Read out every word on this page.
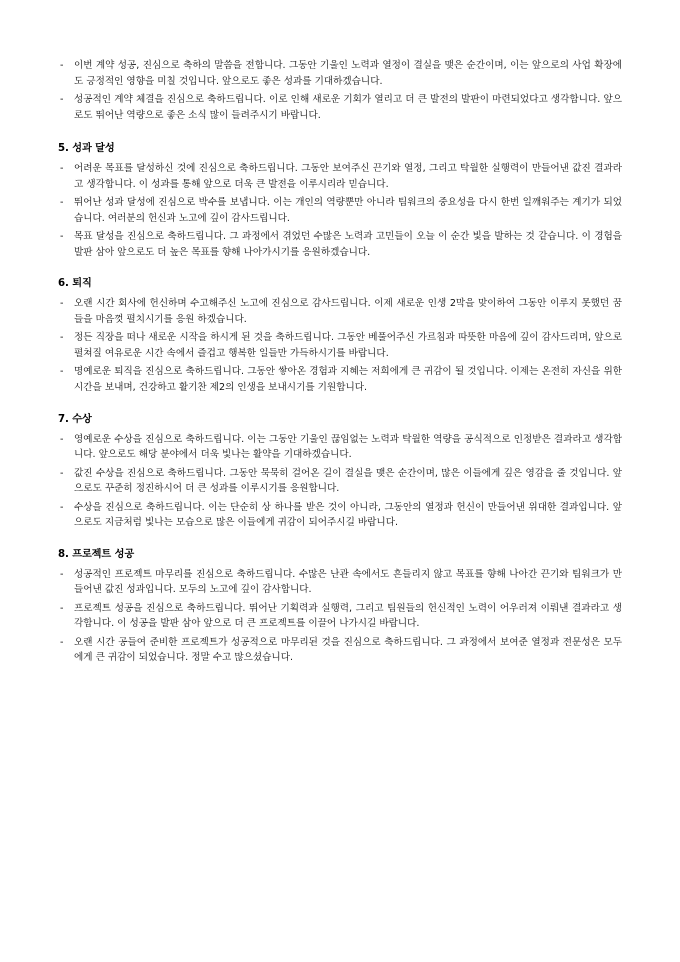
- 이번 계약 성공, 진심으로 축하의 말씀을 전합니다. 그동안 기울인 노력과 열정이 결실을 맺은 순간이며, 이는 앞으로의 사업 확장에도 긍정적인 영향을 미칠 것입니다. 앞으로도 좋은 성과를 기대하겠습니다.
- 성공적인 계약 체결을 진심으로 축하드립니다. 이로 인해 새로운 기회가 열리고 더 큰 발전의 발판이 마련되었다고 생각합니다. 앞으로도 뛰어난 역량으로 좋은 소식 많이 들려주시기 바랍니다.
5. 성과 달성
- 어려운 목표를 달성하신 것에 진심으로 축하드립니다. 그동안 보여주신 끈기와 열정, 그리고 탁월한 실행력이 만들어낸 값진 결과라고 생각합니다. 이 성과를 통해 앞으로 더욱 큰 발전을 이루시리라 믿습니다.
- 뛰어난 성과 달성에 진심으로 박수를 보냅니다. 이는 개인의 역량뿐만 아니라 팀워크의 중요성을 다시 한번 일깨워주는 계기가 되었습니다. 여러분의 헌신과 노고에 깊이 감사드립니다.
- 목표 달성을 진심으로 축하드립니다. 그 과정에서 겪었던 수많은 노력과 고민들이 오늘 이 순간 빛을 발하는 것 같습니다. 이 경험을 발판 삼아 앞으로도 더 높은 목표를 향해 나아가시기를 응원하겠습니다.
6. 퇴직
- 오랜 시간 회사에 헌신하며 수고해주신 노고에 진심으로 감사드립니다. 이제 새로운 인생 2막을 맞이하여 그동안 이루지 못했던 꿈들을 마음껏 펼치시기를 응원 하겠습니다.
- 정든 직장을 떠나 새로운 시작을 하시게 된 것을 축하드립니다. 그동안 베풀어주신 가르침과 따뜻한 마음에 깊이 감사드리며, 앞으로 펼쳐질 여유로운 시간 속에서 즐겁고 행복한 일들만 가득하시기를 바랍니다.
- 명예로운 퇴직을 진심으로 축하드립니다. 그동안 쌓아온 경험과 지혜는 저희에게 큰 귀감이 될 것입니다. 이제는 온전히 자신을 위한 시간을 보내며, 건강하고 활기찬 제2의 인생을 보내시기를 기원합니다.
7. 수상
- 영예로운 수상을 진심으로 축하드립니다. 이는 그동안 기울인 끊임없는 노력과 탁월한 역량을 공식적으로 인정받은 결과라고 생각합니다. 앞으로도 해당 분야에서 더욱 빛나는 활약을 기대하겠습니다.
- 값진 수상을 진심으로 축하드립니다. 그동안 묵묵히 걸어온 길이 결실을 맺은 순간이며, 많은 이들에게 깊은 영감을 줄 것입니다. 앞으로도 꾸준히 정진하시어 더 큰 성과를 이루시기를 응원합니다.
- 수상을 진심으로 축하드립니다. 이는 단순히 상 하나를 받은 것이 아니라, 그동안의 열정과 헌신이 만들어낸 위대한 결과입니다. 앞으로도 지금처럼 빛나는 모습으로 많은 이들에게 귀감이 되어주시길 바랍니다.
8. 프로젝트 성공
- 성공적인 프로젝트 마무리를 진심으로 축하드립니다. 수많은 난관 속에서도 흔들리지 않고 목표를 향해 나아간 끈기와 팀워크가 만들어낸 값진 성과입니다. 모두의 노고에 깊이 감사합니다.
- 프로젝트 성공을 진심으로 축하드립니다. 뛰어난 기획력과 실행력, 그리고 팀원들의 헌신적인 노력이 어우러져 이뤄낸 결과라고 생각합니다. 이 성공을 발판 삼아 앞으로 더 큰 프로젝트를 이끌어 나가시길 바랍니다.
- 오랜 시간 공들여 준비한 프로젝트가 성공적으로 마무리된 것을 진심으로 축하드립니다. 그 과정에서 보여준 열정과 전문성은 모두에게 큰 귀감이 되었습니다. 정말 수고 많으셨습니다.
